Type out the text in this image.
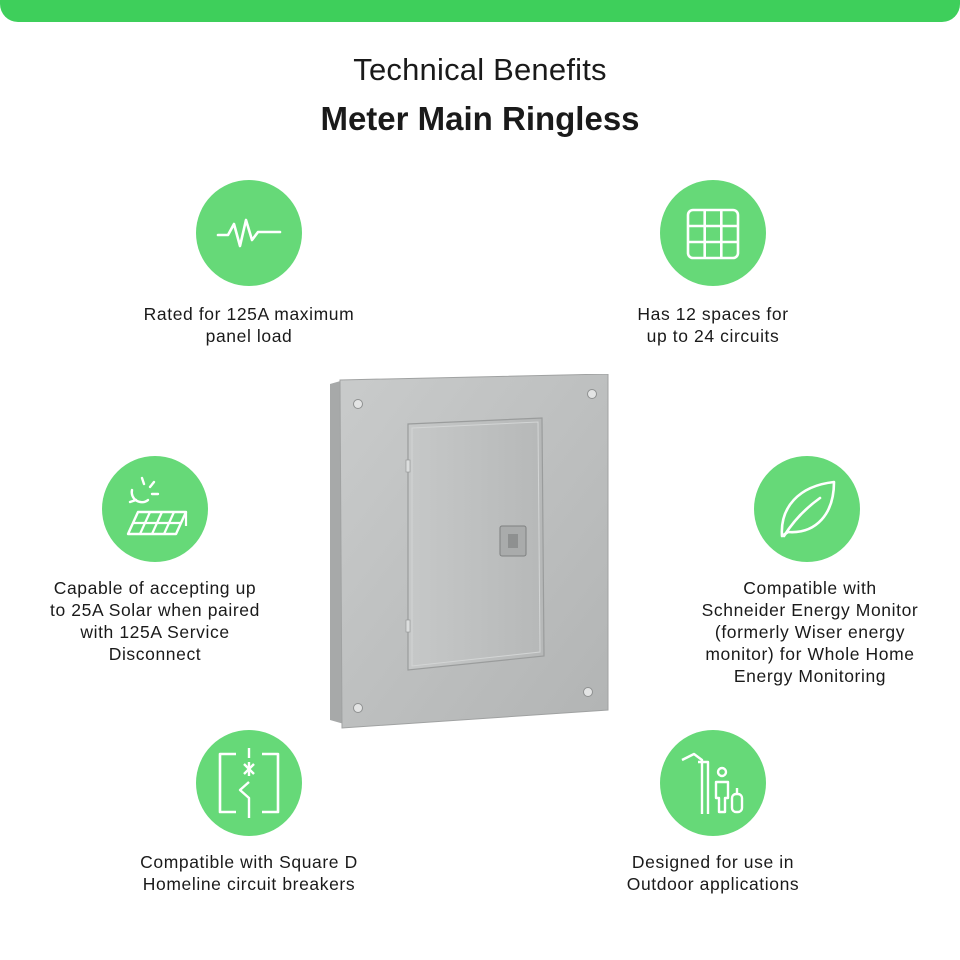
Technical Benefits
Meter Main Ringless
Rated for 125A maximum
panel load
Has 12 spaces for
up to 24 circuits
Capable of accepting up
to 25A Solar when paired
with 125A Service
Disconnect
Compatible with
Schneider Energy Monitor
(formerly Wiser energy
monitor) for Whole Home
Energy Monitoring
Compatible with Square D
Homeline circuit breakers
Designed for use in
Outdoor applications
